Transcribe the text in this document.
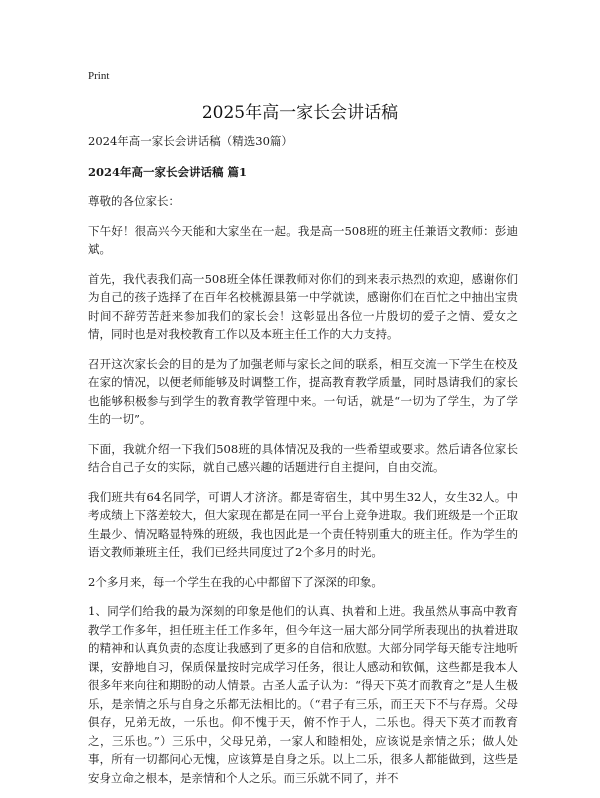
Print
2025年高一家长会讲话稿

2024年高一家长会讲话稿（精选30篇）

2024年高一家长会讲话稿 篇1

尊敬的各位家长：

下午好！很高兴今天能和大家坐在一起。我是高一508班的班主任兼语文教师：彭迪斌。

首先，我代表我们高一508班全体任课教师对你们的到来表示热烈的欢迎，感谢你们为自己的孩子选择了在百年名校桃源县第一中学就读，感谢你们在百忙之中抽出宝贵时间不辞劳苦赶来参加我们的家长会！这彰显出各位一片殷切的爱子之情、爱女之情，同时也是对我校教育工作以及本班主任工作的大力支持。

召开这次家长会的目的是为了加强老师与家长之间的联系，相互交流一下学生在校及在家的情况，以便老师能够及时调整工作，提高教育教学质量，同时恳请我们的家长也能够积极参与到学生的教育教学管理中来。一句话，就是“一切为了学生，为了学生的一切”。

下面，我就介绍一下我们508班的具体情况及我的一些希望或要求。然后请各位家长结合自己子女的实际，就自己感兴趣的话题进行自主提问，自由交流。

我们班共有64名同学，可谓人才济济。都是寄宿生，其中男生32人，女生32人。中考成绩上下落差较大，但大家现在都是在同一平台上竞争进取。我们班级是一个正取生最少、情况略显特殊的班级，我也因此是一个责任特别重大的班主任。作为学生的语文教师兼班主任，我们已经共同度过了2个多月的时光。

2个多月来，每一个学生在我的心中都留下了深深的印象。

1、同学们给我的最为深刻的印象是他们的认真、执着和上进。我虽然从事高中教育教学工作多年，担任班主任工作多年，但今年这一届大部分同学所表现出的执着进取的精神和认真负责的态度让我感到了更多的自信和欣慰。大部分同学每天能专注地听课，安静地自习，保质保量按时完成学习任务，很让人感动和钦佩，这些都是我本人很多年来向往和期盼的动人情景。古圣人孟子认为：“得天下英才而教育之”是人生极乐，是亲情之乐与自身之乐都无法相比的。（“君子有三乐，而王天下不与存焉。父母俱存，兄弟无故，一乐也。仰不愧于天，俯不怍于人，二乐也。得天下英才而教育之，三乐也。”）三乐中，父母兄弟，一家人和睦相处，应该说是亲情之乐；做人处事，所有一切都问心无愧，应该算是自身之乐。以上二乐，很多人都能做到，这些是安身立命之根本，是亲情和个人之乐。而三乐就不同了，并不
